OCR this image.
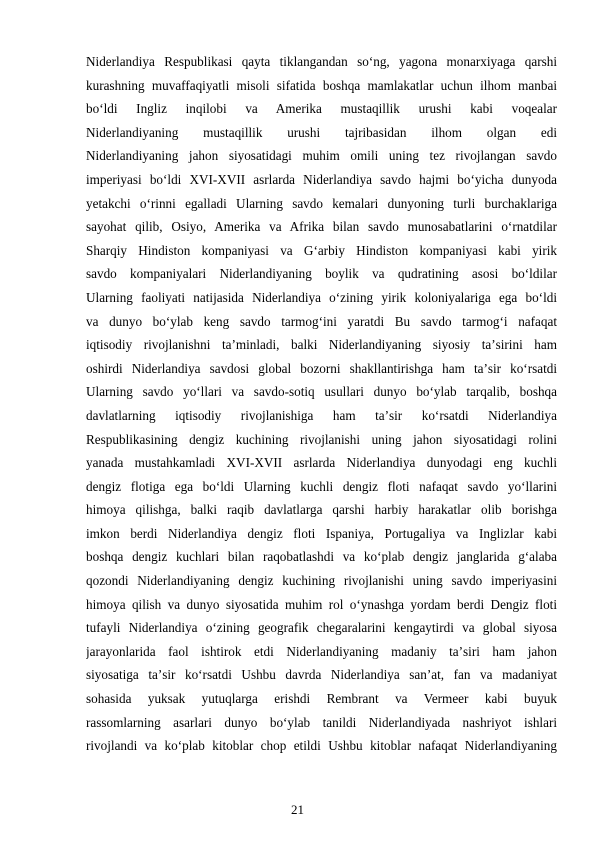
Niderlandiya Respublikasi qayta tiklangandan soʻng, yagona monarxiyaga qarshi
kurashning muvaffaqiyatli misoli sifatida boshqa mamlakatlar uchun ilhom manbai
boʻldi Ingliz inqilobi va Amerika mustaqillik urushi kabi voqealar
Niderlandiyaning mustaqillik urushi tajribasidan ilhom olgan edi
Niderlandiyaning jahon siyosatidagi muhim omili uning tez rivojlangan savdo
imperiyasi boʻldi XVI-XVII asrlarda Niderlandiya savdo hajmi boʻyicha dunyoda
yetakchi oʻrinni egalladi Ularning savdo kemalari dunyoning turli burchaklariga
sayohat qilib, Osiyo, Amerika va Afrika bilan savdo munosabatlarini oʻrnatdilar
Sharqiy Hindiston kompaniyasi va Gʻarbiy Hindiston kompaniyasi kabi yirik
savdo kompaniyalari Niderlandiyaning boylik va qudratining asosi boʻldilar
Ularning faoliyati natijasida Niderlandiya oʻzining yirik koloniyalariga ega boʻldi
va dunyo boʻylab keng savdo tarmogʻini yaratdi Bu savdo tarmogʻi nafaqat
iqtisodiy rivojlanishni taʼminladi, balki Niderlandiyaning siyosiy taʼsirini ham
oshirdi Niderlandiya savdosi global bozorni shakllantirishga ham taʼsir koʻrsatdi
Ularning savdo yoʻllari va savdo-sotiq usullari dunyo boʻylab tarqalib, boshqa
davlatlarning iqtisodiy rivojlanishiga ham taʼsir koʻrsatdi Niderlandiya
Respublikasining dengiz kuchining rivojlanishi uning jahon siyosatidagi rolini
yanada mustahkamladi XVI-XVII asrlarda Niderlandiya dunyodagi eng kuchli
dengiz flotiga ega boʻldi Ularning kuchli dengiz floti nafaqat savdo yoʻllarini
himoya qilishga, balki raqib davlatlarga qarshi harbiy harakatlar olib borishga
imkon berdi Niderlandiya dengiz floti Ispaniya, Portugaliya va Inglizlar kabi
boshqa dengiz kuchlari bilan raqobatlashdi va koʻplab dengiz janglarida gʻalaba
qozondi Niderlandiyaning dengiz kuchining rivojlanishi uning savdo imperiyasini
himoya qilish va dunyo siyosatida muhim rol oʻynashga yordam berdi Dengiz floti
tufayli Niderlandiya oʻzining geografik chegaralarini kengaytirdi va global siyosa
jarayonlarida faol ishtirok etdi Niderlandiyaning madaniy taʼsiri ham jahon
siyosatiga taʼsir koʻrsatdi Ushbu davrda Niderlandiya sanʼat, fan va madaniyat
sohasida yuksak yutuqlarga erishdi Rembrant va Vermeer kabi buyuk
rassomlarning asarlari dunyo boʻylab tanildi Niderlandiyada nashriyot ishlari
rivojlandi va koʻplab kitoblar chop etildi Ushbu kitoblar nafaqat Niderlandiyaning
21
